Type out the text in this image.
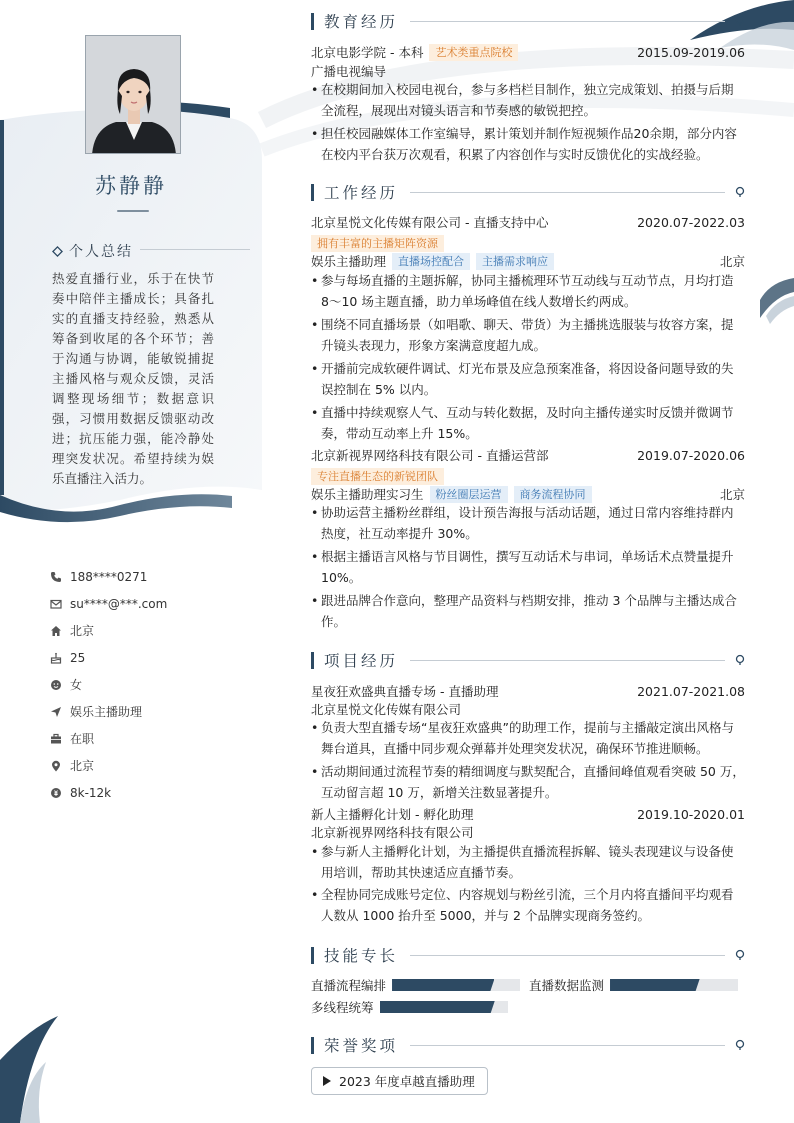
苏静静
个人总结
热爱直播行业，乐于在快节奏中陪伴主播成长；具备扎实的直播支持经验，熟悉从筹备到收尾的各个环节；善于沟通与协调，能敏锐捕捉主播风格与观众反馈，灵活调整现场细节；数据意识强，习惯用数据反馈驱动改进；抗压能力强，能冷静处理突发状况。希望持续为娱乐直播注入活力。
188****0271
su****@***.com
北京
25
女
娱乐主播助理
在职
北京
8k-12k
教育经历
北京电影学院 - 本科	艺术类重点院校	2015.09-2019.06
广播电视编导
• 在校期间加入校园电视台，参与多档栏目制作，独立完成策划、拍摄与后期全流程，展现出对镜头语言和节奏感的敏锐把控。
• 担任校园融媒体工作室编导，累计策划并制作短视频作品20余期，部分内容在校内平台获万次观看，积累了内容创作与实时反馈优化的实战经验。
工作经历
北京星悦文化传媒有限公司 - 直播支持中心	2020.07-2022.03
拥有丰富的主播矩阵资源
娱乐主播助理	直播场控配合	主播需求响应	北京
• 参与每场直播的主题拆解，协同主播梳理环节互动线与互动节点，月均打造 8～10 场主题直播，助力单场峰值在线人数增长约两成。
• 围绕不同直播场景（如唱歌、聊天、带货）为主播挑选服装与妆容方案，提升镜头表现力，形象方案满意度超九成。
• 开播前完成软硬件调试、灯光布景及应急预案准备，将因设备问题导致的失误控制在 5% 以内。
• 直播中持续观察人气、互动与转化数据，及时向主播传递实时反馈并微调节奏，带动互动率上升 15%。
北京新视界网络科技有限公司 - 直播运营部	2019.07-2020.06
专注直播生态的新锐团队
娱乐主播助理实习生	粉丝圈层运营	商务流程协同	北京
• 协助运营主播粉丝群组，设计预告海报与活动话题，通过日常内容维持群内热度，社互动率提升 30%。
• 根据主播语言风格与节目调性，撰写互动话术与串词，单场话术点赞量提升 10%。
• 跟进品牌合作意向，整理产品资料与档期安排，推动 3 个品牌与主播达成合作。
项目经历
星夜狂欢盛典直播专场 - 直播助理	2021.07-2021.08
北京星悦文化传媒有限公司
• 负责大型直播专场“星夜狂欢盛典”的助理工作，提前与主播敲定演出风格与舞台道具，直播中同步观众弹幕并处理突发状况，确保环节推进顺畅。
• 活动期间通过流程节奏的精细调度与默契配合，直播间峰值观看突破 50 万，互动留言超 10 万，新增关注数显著提升。
新人主播孵化计划 - 孵化助理	2019.10-2020.01
北京新视界网络科技有限公司
• 参与新人主播孵化计划，为主播提供直播流程拆解、镜头表现建议与设备使用培训，帮助其快速适应直播节奏。
• 全程协同完成账号定位、内容规划与粉丝引流，三个月内将直播间平均观看人数从 1000 抬升至 5000，并与 2 个品牌实现商务签约。
技能专长
直播流程编排	直播数据监测
多线程统筹
荣誉奖项
2023 年度卓越直播助理
